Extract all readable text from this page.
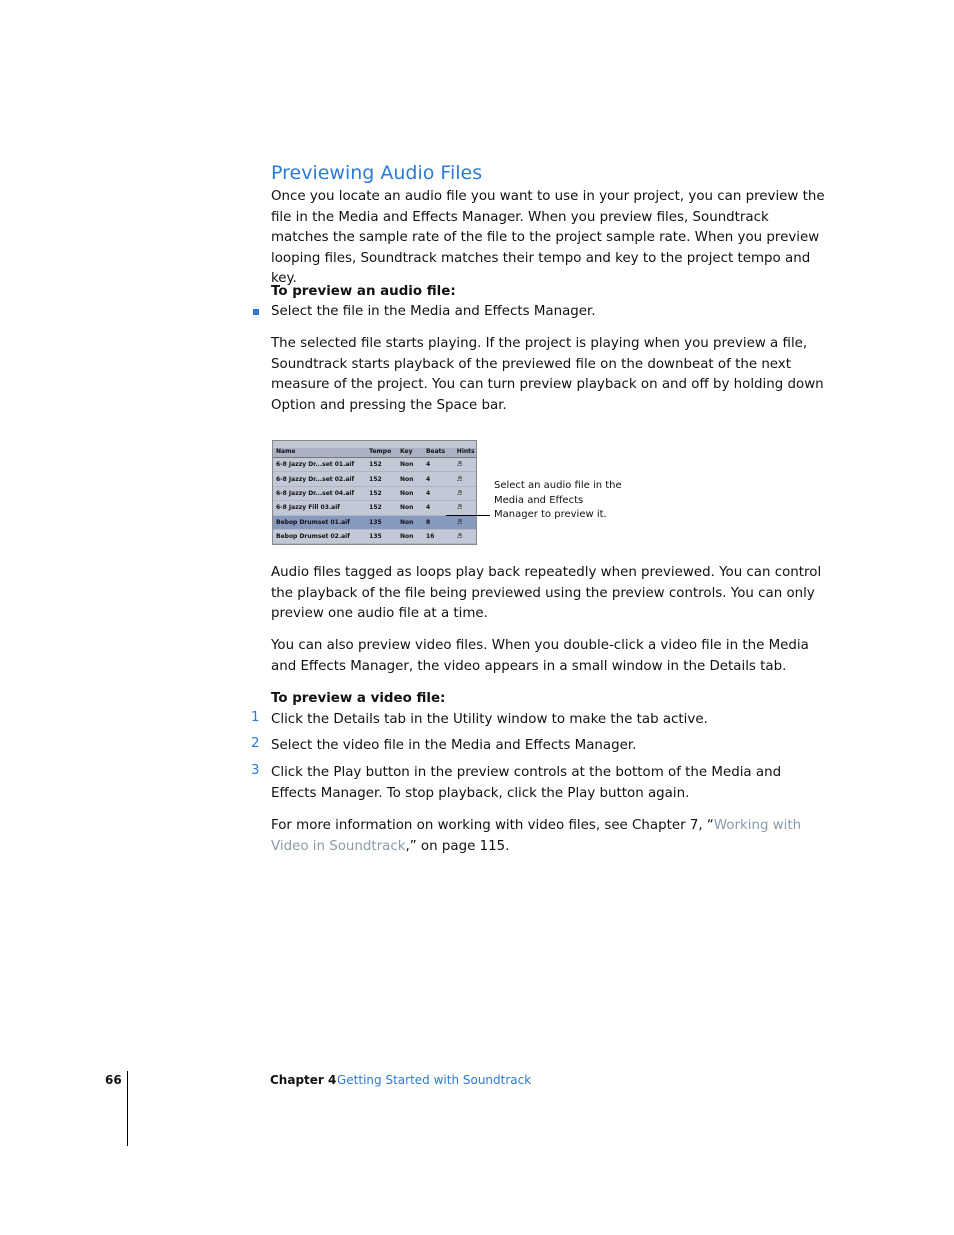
Previewing Audio Files
Once you locate an audio file you want to use in your project, you can preview the file in the Media and Effects Manager. When you preview files, Soundtrack matches the sample rate of the file to the project sample rate. When you preview looping files, Soundtrack matches their tempo and key to the project tempo and key.
To preview an audio file:
Select the file in the Media and Effects Manager.
The selected file starts playing. If the project is playing when you preview a file, Soundtrack starts playback of the previewed file on the downbeat of the next measure of the project. You can turn preview playback on and off by holding down Option and pressing the Space bar.
Name	Tempo	Key	Beats	Hints
6-8 Jazzy Dr...set 01.aif	152	Non	4	♬
6-8 Jazzy Dr...set 02.aif	152	Non	4	♬
6-8 Jazzy Dr...set 04.aif	152	Non	4	♬
6-8 Jazzy Fill 03.aif	152	Non	4	♬
Bebop Drumset 01.aif	135	Non	8	♬
Bebop Drumset 02.aif	135	Non	16	♬
Select an audio file in the Media and Effects Manager to preview it.
Audio files tagged as loops play back repeatedly when previewed. You can control the playback of the file being previewed using the preview controls. You can only preview one audio file at a time.
You can also preview video files. When you double-click a video file in the Media and Effects Manager, the video appears in a small window in the Details tab.
To preview a video file:
1 Click the Details tab in the Utility window to make the tab active.
2 Select the video file in the Media and Effects Manager.
3 Click the Play button in the preview controls at the bottom of the Media and Effects Manager. To stop playback, click the Play button again.
For more information on working with video files, see Chapter 7, “Working with Video in Soundtrack,” on page 115.
66	Chapter 4 Getting Started with Soundtrack
